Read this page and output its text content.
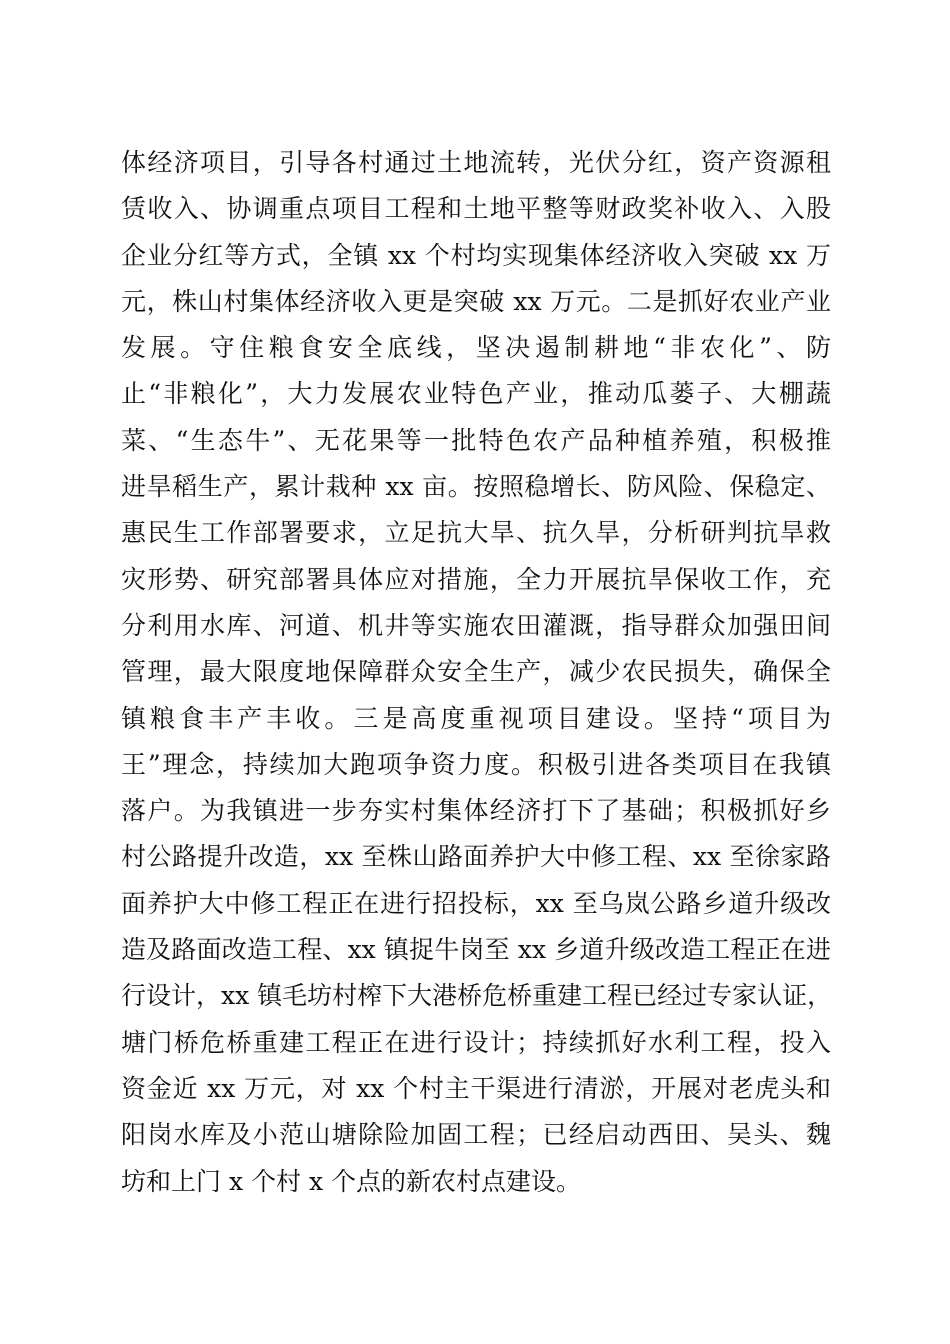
体经济项目，引导各村通过土地流转，光伏分红，资产资源租
赁收入、协调重点项目工程和土地平整等财政奖补收入、入股
企业分红等方式，全镇 xx 个村均实现集体经济收入突破 xx 万
元，株山村集体经济收入更是突破 xx 万元。二是抓好农业产业
发展。守住粮食安全底线，坚决遏制耕地“非农化”、防
止“非粮化”，大力发展农业特色产业，推动瓜蒌子、大棚蔬
菜、“生态牛”、无花果等一批特色农产品种植养殖，积极推
进旱稻生产，累计栽种 xx 亩。按照稳增长、防风险、保稳定、
惠民生工作部署要求，立足抗大旱、抗久旱，分析研判抗旱救
灾形势、研究部署具体应对措施，全力开展抗旱保收工作，充
分利用水库、河道、机井等实施农田灌溉，指导群众加强田间
管理，最大限度地保障群众安全生产，减少农民损失，确保全
镇粮食丰产丰收。三是高度重视项目建设。坚持“项目为
王”理念，持续加大跑项争资力度。积极引进各类项目在我镇
落户。为我镇进一步夯实村集体经济打下了基础；积极抓好乡
村公路提升改造，xx 至株山路面养护大中修工程、xx 至徐家路
面养护大中修工程正在进行招投标，xx 至乌岚公路乡道升级改
造及路面改造工程、xx 镇捉牛岗至 xx 乡道升级改造工程正在进
行设计，xx 镇毛坊村榨下大港桥危桥重建工程已经过专家认证，
塘门桥危桥重建工程正在进行设计；持续抓好水利工程，投入
资金近 xx 万元，对 xx 个村主干渠进行清淤，开展对老虎头和
阳岗水库及小范山塘除险加固工程；已经启动西田、吴头、魏
坊和上门 x 个村 x 个点的新农村点建设。
